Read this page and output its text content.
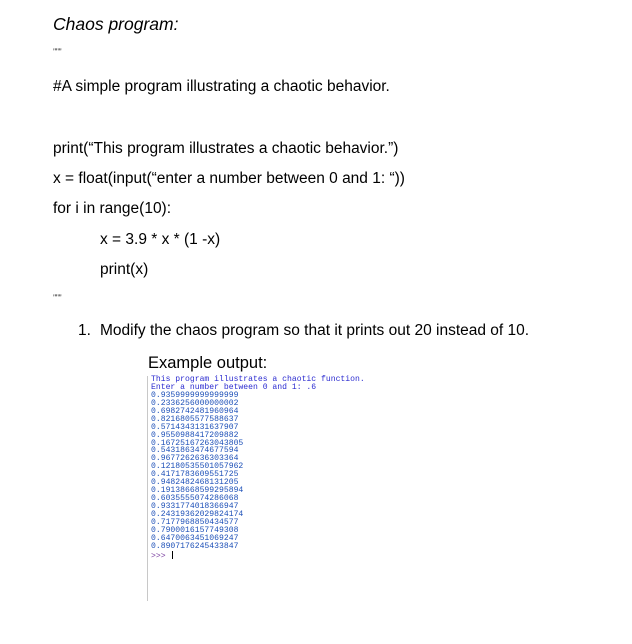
Chaos program:
"""
#A simple program illustrating a chaotic behavior.
print(“This program illustrates a chaotic behavior.”)
x = float(input(“enter a number between 0 and 1: “))
for i in range(10):
x = 3.9 * x * (1 -x)
print(x)
"""
1. Modify the chaos program so that it prints out 20 instead of 10.
Example output:
This program illustrates a chaotic function.
Enter a number between 0 and 1: .6
0.9359999999999999
0.2336256000000002
0.6982742481960964
0.8216805577588637
0.5714343131637907
0.9550988417209882
0.16725167263043805
0.5431863474677594
0.9677262636303364
0.12180535501057962
0.4171783609551725
0.9482482468131205
0.19138668599295894
0.6035555074286068
0.9331774018366947
0.24319362029824174
0.7177968850434577
0.7900016157749308
0.6470063451069247
0.8907176245433847
>>>
